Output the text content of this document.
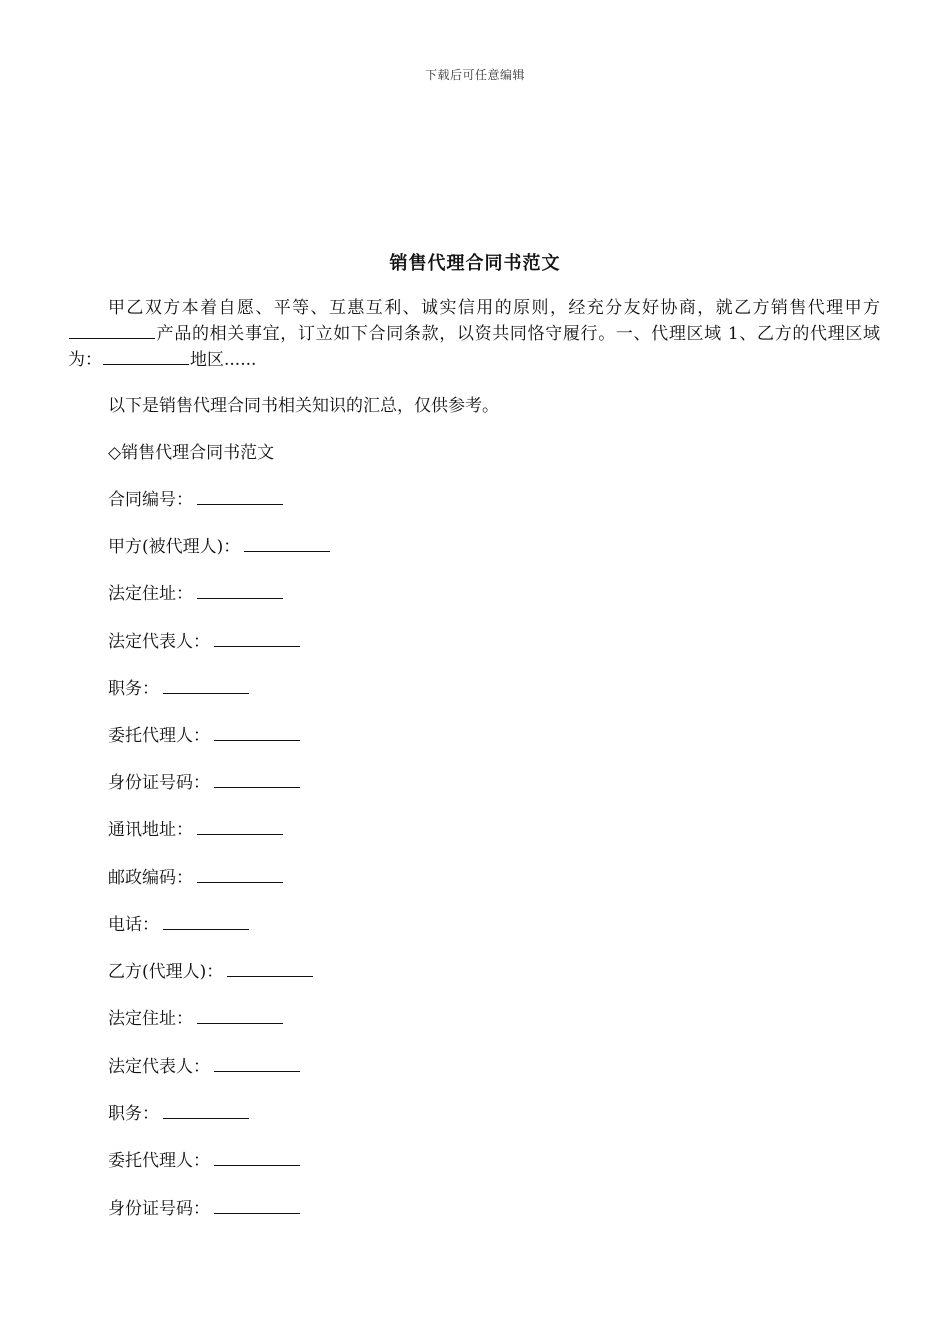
下载后可任意编辑
销售代理合同书范文
甲乙双方本着自愿、平等、互惠互利、诚实信用的原则，经充分友好协商，就乙方销售代理甲方产品的相关事宜，订立如下合同条款，以资共同恪守履行。一、代理区域 1、乙方的代理区域为：	地区......
以下是销售代理合同书相关知识的汇总，仅供参考。
◇销售代理合同书范文
合同编号：
甲方(被代理人)：
法定住址：
法定代表人：
职务：
委托代理人：
身份证号码：
通讯地址：
邮政编码：
电话：
乙方(代理人)：
法定住址：
法定代表人：
职务：
委托代理人：
身份证号码：
